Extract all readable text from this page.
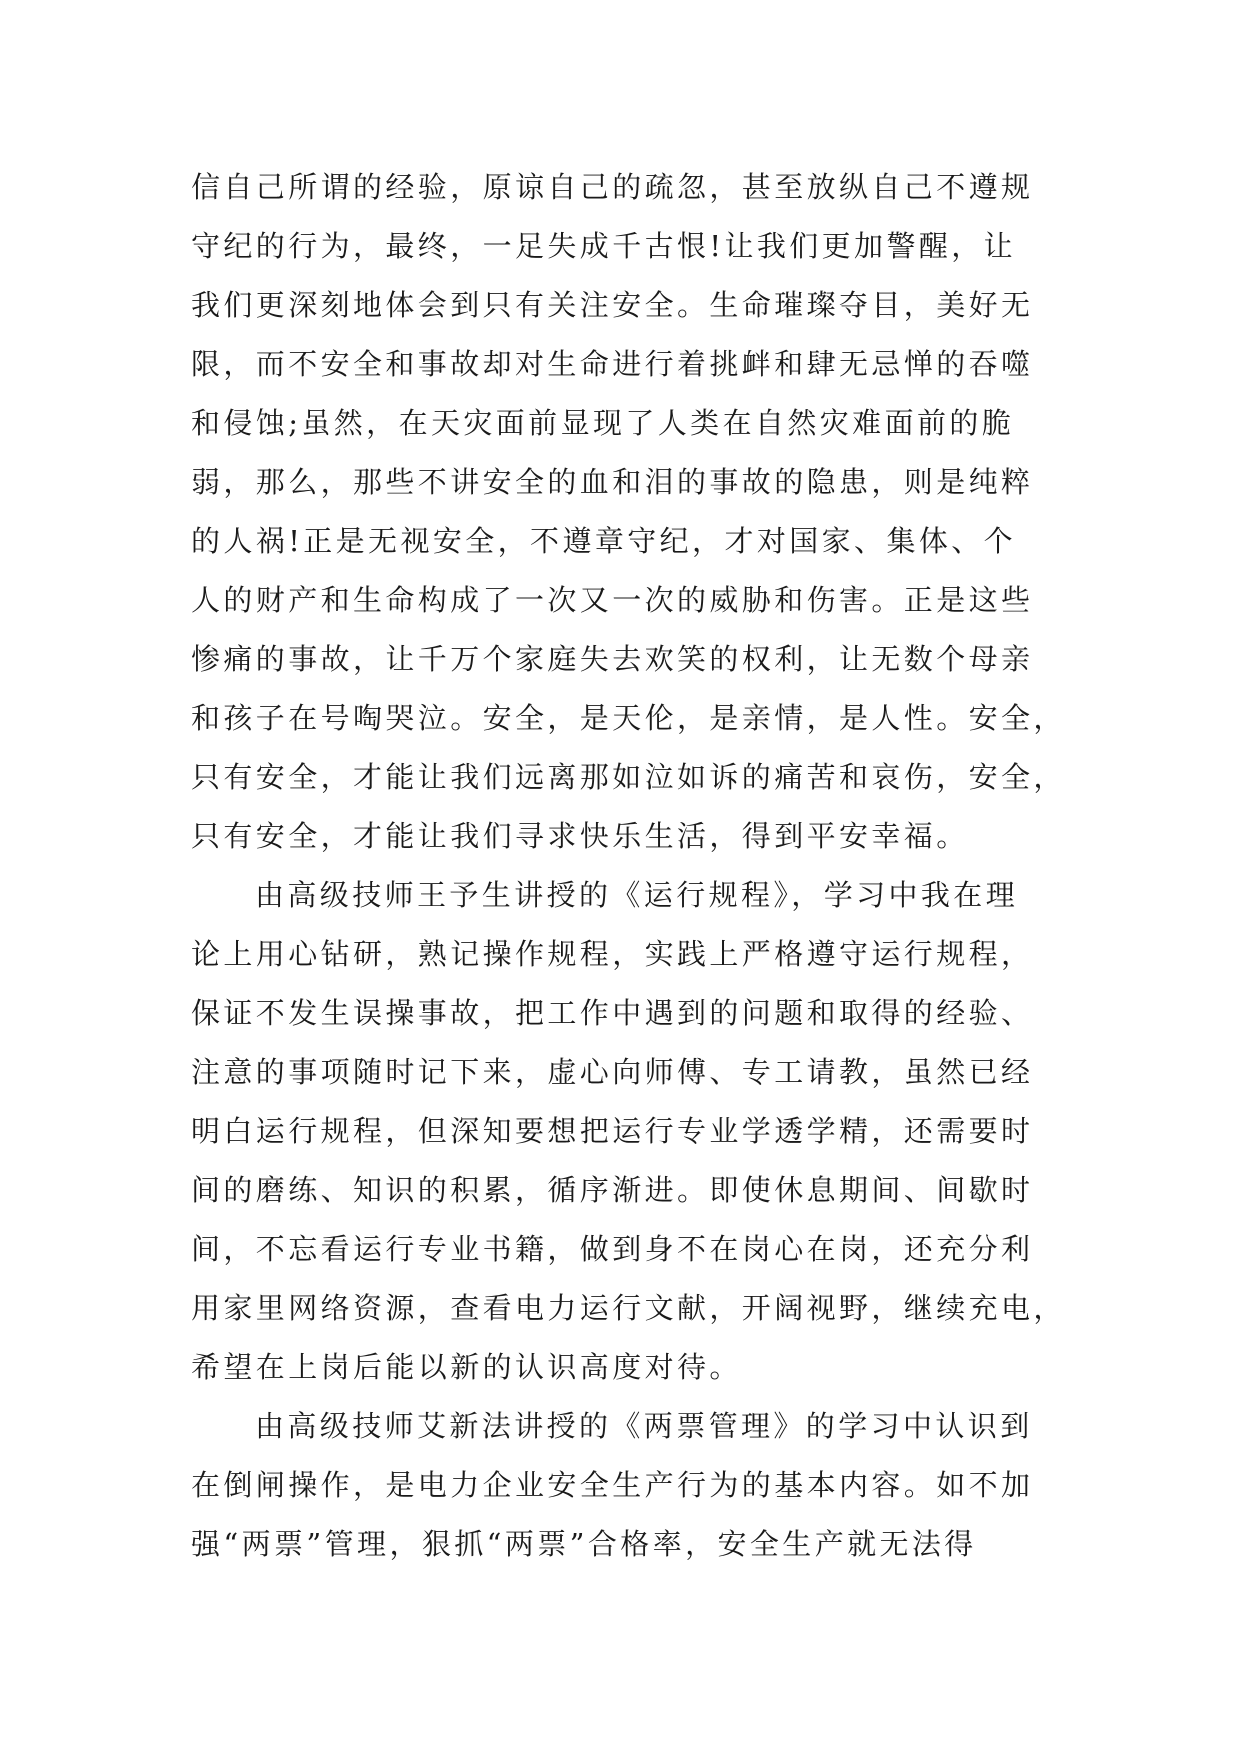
信自己所谓的经验，原谅自己的疏忽，甚至放纵自己不遵规
守纪的行为，最终，一足失成千古恨!让我们更加警醒，让
我们更深刻地体会到只有关注安全。生命璀璨夺目，美好无
限，而不安全和事故却对生命进行着挑衅和肆无忌惮的吞噬
和侵蚀;虽然，在天灾面前显现了人类在自然灾难面前的脆
弱，那么，那些不讲安全的血和泪的事故的隐患，则是纯粹
的人祸!正是无视安全，不遵章守纪，才对国家、集体、个
人的财产和生命构成了一次又一次的威胁和伤害。正是这些
惨痛的事故，让千万个家庭失去欢笑的权利，让无数个母亲
和孩子在号啕哭泣。安全，是天伦，是亲情，是人性。安全，
只有安全，才能让我们远离那如泣如诉的痛苦和哀伤，安全，
只有安全，才能让我们寻求快乐生活，得到平安幸福。
由高级技师王予生讲授的《运行规程》，学习中我在理
论上用心钻研，熟记操作规程，实践上严格遵守运行规程，
保证不发生误操事故，把工作中遇到的问题和取得的经验、
注意的事项随时记下来，虚心向师傅、专工请教，虽然已经
明白运行规程，但深知要想把运行专业学透学精，还需要时
间的磨练、知识的积累，循序渐进。即使休息期间、间歇时
间，不忘看运行专业书籍，做到身不在岗心在岗，还充分利
用家里网络资源，查看电力运行文献，开阔视野，继续充电，
希望在上岗后能以新的认识高度对待。
由高级技师艾新法讲授的《两票管理》的学习中认识到
在倒闸操作，是电力企业安全生产行为的基本内容。如不加
强“两票”管理，狠抓“两票”合格率，安全生产就无法得
